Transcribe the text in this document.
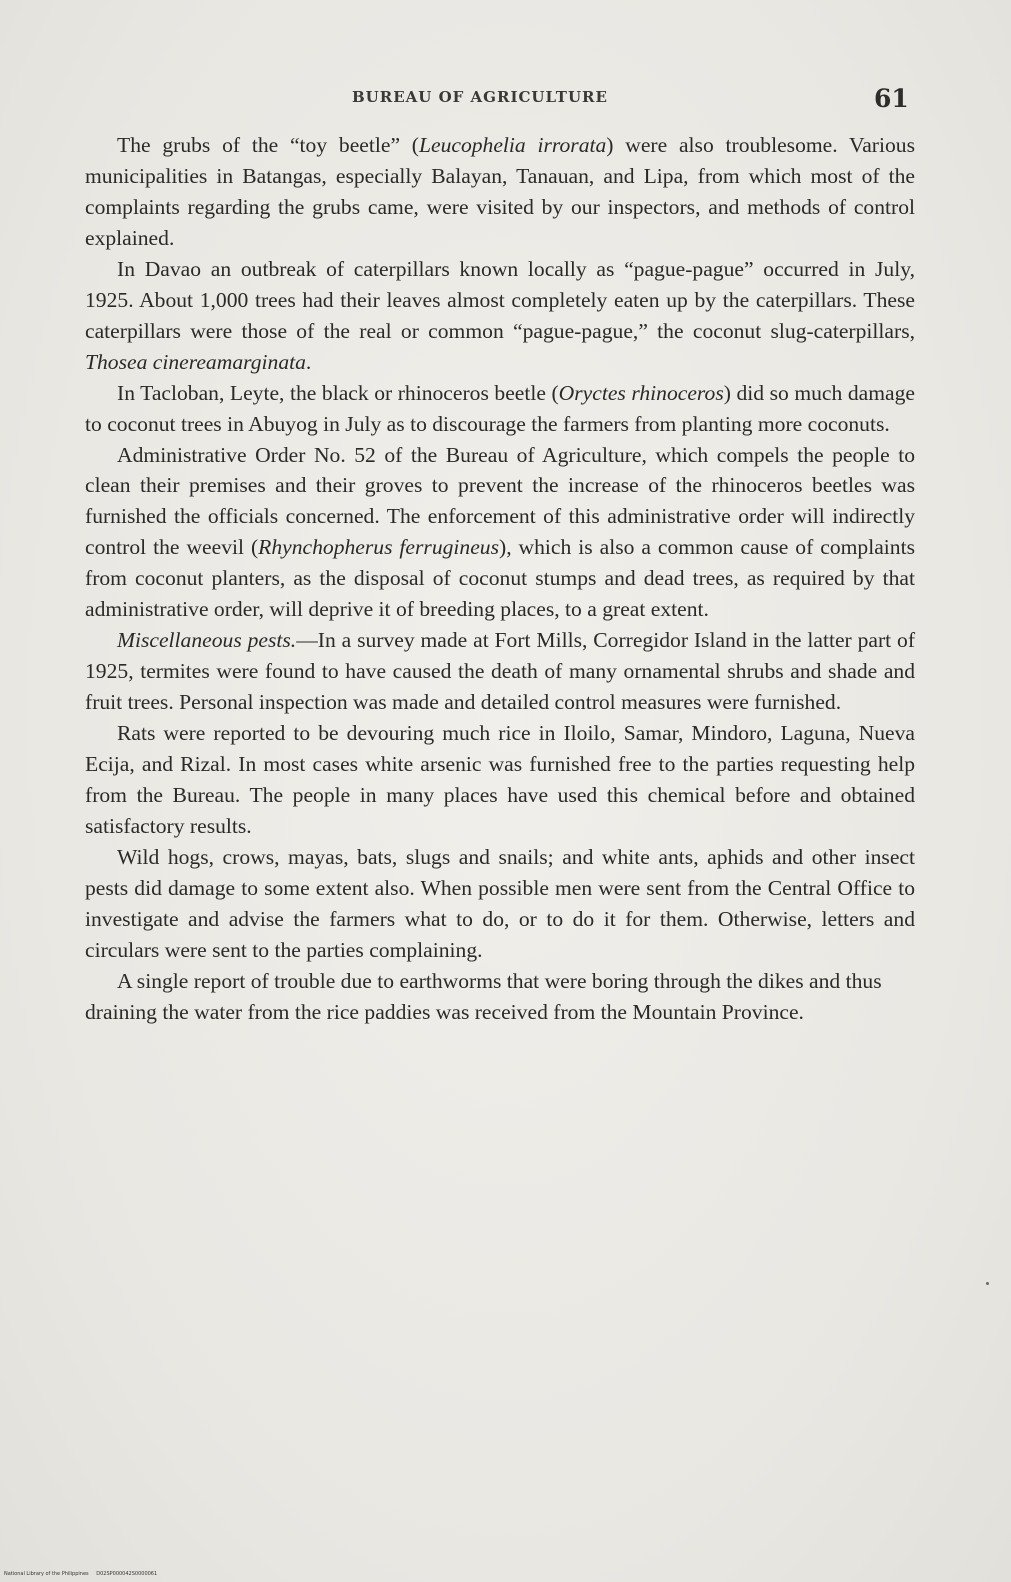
BUREAU OF AGRICULTURE	61

The grubs of the “toy beetle” (Leucophelia irrorata) were also troublesome. Various municipalities in Batangas, especially Balayan, Tanauan, and Lipa, from which most of the complaints regarding the grubs came, were visited by our inspectors, and methods of control explained.

In Davao an outbreak of caterpillars known locally as “pague-pague” occurred in July, 1925. About 1,000 trees had their leaves almost completely eaten up by the caterpillars. These caterpillars were those of the real or common “pague-pague,” the coconut slug-caterpillars, Thosea cinereamarginata.

In Tacloban, Leyte, the black or rhinoceros beetle (Oryctes rhinoceros) did so much damage to coconut trees in Abuyog in July as to discourage the farmers from planting more coconuts.

Administrative Order No. 52 of the Bureau of Agriculture, which compels the people to clean their premises and their groves to prevent the increase of the rhinoceros beetles was furnished the officials concerned. The enforcement of this administrative order will indirectly control the weevil (Rhynchopherus ferrugineus), which is also a common cause of complaints from coconut planters, as the disposal of coconut stumps and dead trees, as required by that administrative order, will deprive it of breeding places, to a great extent.

Miscellaneous pests.—In a survey made at Fort Mills, Corregidor Island in the latter part of 1925, termites were found to have caused the death of many ornamental shrubs and shade and fruit trees. Personal inspection was made and detailed control measures were furnished.

Rats were reported to be devouring much rice in Iloilo, Samar, Mindoro, Laguna, Nueva Ecija, and Rizal. In most cases white arsenic was furnished free to the parties requesting help from the Bureau. The people in many places have used this chemical before and obtained satisfactory results.

Wild hogs, crows, mayas, bats, slugs and snails; and white ants, aphids and other insect pests did damage to some extent also. When possible men were sent from the Central Office to investigate and advise the farmers what to do, or to do it for them. Otherwise, letters and circulars were sent to the parties complaining.

A single report of trouble due to earthworms that were boring through the dikes and thus draining the water from the rice paddies was received from the Mountain Province.

National Library of the Philippines D02SP000042S0000061
